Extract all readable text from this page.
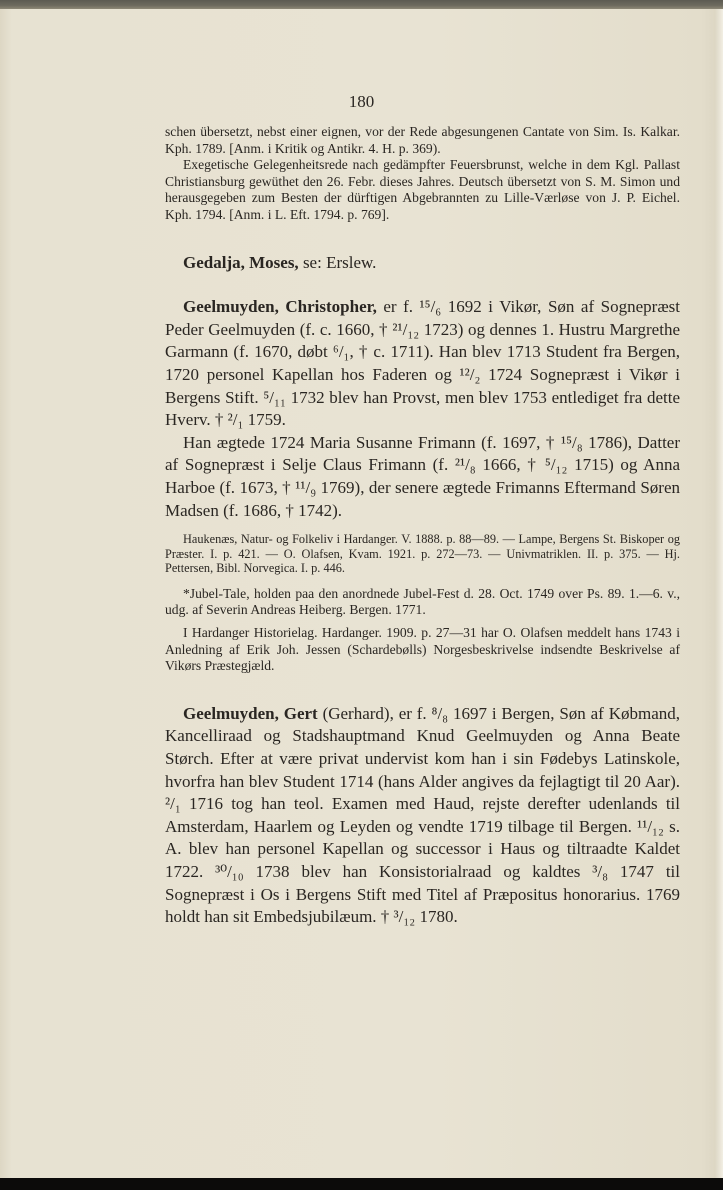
180

schen übersetzt, nebst einer eignen, vor der Rede abgesungenen Cantate von Sim. Is. Kalkar. Kph. 1789. [Anm. i Kritik og Antikr. 4. H. p. 369).

Exegetische Gelegenheitsrede nach gedämpfter Feuersbrunst, welche in dem Kgl. Pallast Christiansburg gewüthet den 26. Febr. dieses Jahres. Deutsch übersetzt von S. M. Simon und herausgegeben zum Besten der dürftigen Abgebrannten zu Lille-Værløse von J. P. Eichel. Kph. 1794. [Anm. i L. Eft. 1794. p. 769].

Gedalja, Moses, se: Erslew.

Geelmuyden, Christopher, er f. ¹⁵/₆ 1692 i Vikør, Søn af Sognepræst Peder Geelmuyden (f. c. 1660, † ²¹/₁₂ 1723) og dennes 1. Hustru Margrethe Garmann (f. 1670, døbt ⁶/₁, † c. 1711). Han blev 1713 Student fra Bergen, 1720 personel Kapellan hos Faderen og ¹²/₂ 1724 Sognepræst i Vikør i Bergens Stift. ⁵/₁₁ 1732 blev han Provst, men blev 1753 entlediget fra dette Hverv. † ²/₁ 1759.

Han ægtede 1724 Maria Susanne Frimann (f. 1697, † ¹⁵/₈ 1786), Datter af Sognepræst i Selje Claus Frimann (f. ²¹/₈ 1666, † ⁵/₁₂ 1715) og Anna Harboe (f. 1673, † ¹¹/₉ 1769), der senere ægtede Frimanns Eftermand Søren Madsen (f. 1686, † 1742).

Haukenæs, Natur- og Folkeliv i Hardanger. V. 1888. p. 88—89. — Lampe, Bergens St. Biskoper og Præster. I. p. 421. — O. Olafsen, Kvam. 1921. p. 272—73. — Univmatriklen. II. p. 375. — Hj. Pettersen, Bibl. Norvegica. I. p. 446.

*Jubel-Tale, holden paa den anordnede Jubel-Fest d. 28. Oct. 1749 over Ps. 89. 1.—6. v., udg. af Severin Andreas Heiberg. Bergen. 1771.

I Hardanger Historielag. Hardanger. 1909. p. 27—31 har O. Olafsen meddelt hans 1743 i Anledning af Erik Joh. Jessen (Schardebølls) Norgesbeskrivelse indsendte Beskrivelse af Vikørs Præstegjæld.

Geelmuyden, Gert (Gerhard), er f. ⁸/₈ 1697 i Bergen, Søn af Købmand, Kancelliraad og Stadshauptmand Knud Geelmuyden og Anna Beate Størch. Efter at være privat undervist kom han i sin Fødebys Latinskole, hvorfra han blev Student 1714 (hans Alder angives da fejlagtigt til 20 Aar). ²/₁ 1716 tog han teol. Examen med Haud, rejste derefter udenlands til Amsterdam, Haarlem og Leyden og vendte 1719 tilbage til Bergen. ¹¹/₁₂ s. A. blev han personel Kapellan og successor i Haus og tiltraadte Kaldet 1722. ³⁰/₁₀ 1738 blev han Konsistorialraad og kaldtes ³/₈ 1747 til Sognepræst i Os i Bergens Stift med Titel af Præpositus honorarius. 1769 holdt han sit Embedsjubilæum. † ³/₁₂ 1780.
